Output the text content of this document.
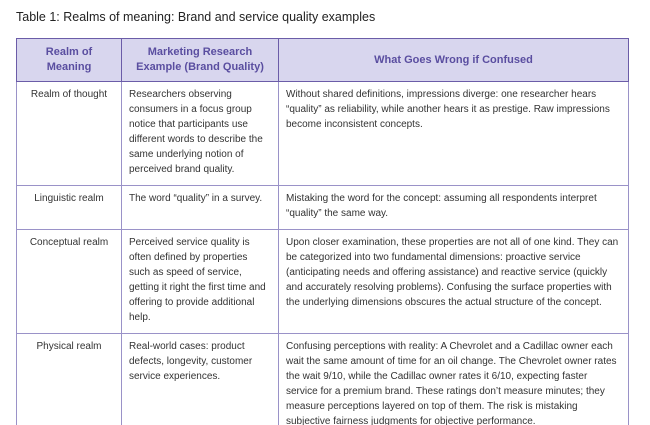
Table 1: Realms of meaning: Brand and service quality examples
Realm of Meaning	Marketing Research Example (Brand Quality)	What Goes Wrong if Confused
Realm of thought	Researchers observing consumers in a focus group notice that participants use different words to describe the same underlying notion of perceived brand quality.	Without shared definitions, impressions diverge: one researcher hears “quality” as reliability, while another hears it as prestige. Raw impressions become inconsistent concepts.
Linguistic realm	The word “quality” in a survey.	Mistaking the word for the concept: assuming all respondents interpret “quality” the same way.
Conceptual realm	Perceived service quality is often defined by properties such as speed of service, getting it right the first time and offering to provide additional help.	Upon closer examination, these properties are not all of one kind. They can be categorized into two fundamental dimensions: proactive service (anticipating needs and offering assistance) and reactive service (quickly and accurately resolving problems). Confusing the surface properties with the underlying dimensions obscures the actual structure of the concept.
Physical realm	Real-world cases: product defects, longevity, customer service experiences.	Confusing perceptions with reality: A Chevrolet and a Cadillac owner each wait the same amount of time for an oil change. The Chevrolet owner rates the wait 9/10, while the Cadillac owner rates it 6/10, expecting faster service for a premium brand. These ratings don’t measure minutes; they measure perceptions layered on top of them. The risk is mistaking subjective fairness judgments for objective performance.
